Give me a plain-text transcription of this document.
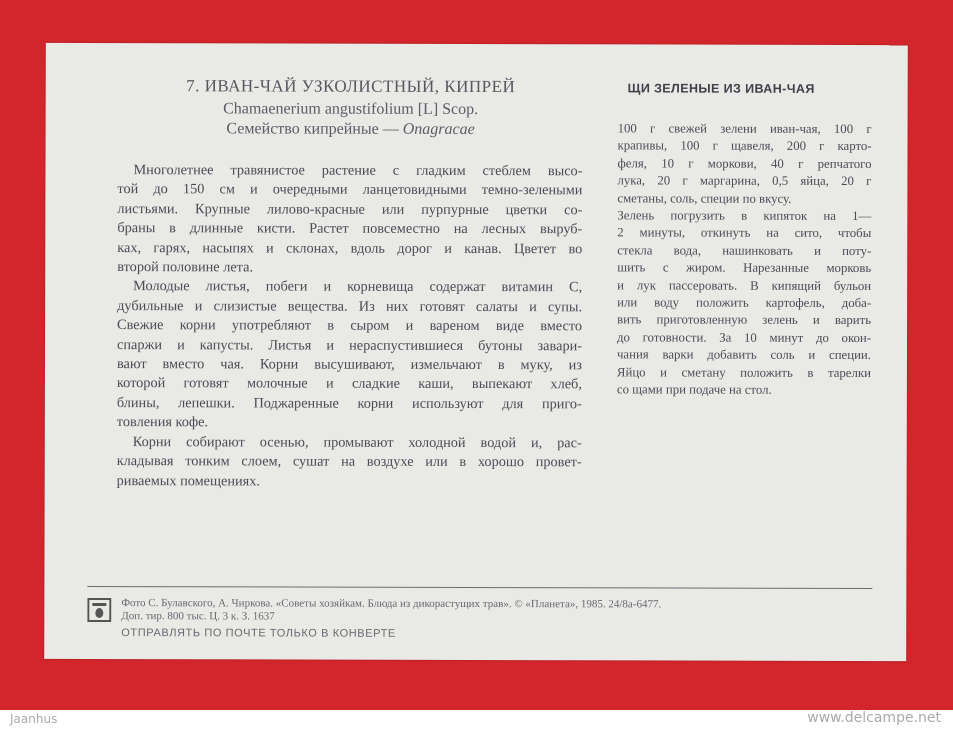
7. ИВАН-ЧАЙ УЗКОЛИСТНЫЙ, КИПРЕЙ
Chamaenerium angustifolium [L] Scop.
Семейство кипрейные — Onagracae
Многолетнее травянистое растение с гладким стеблем высо-
той до 150 см и очередными ланцетовидными темно-зелеными
листьями. Крупные лилово-красные или пурпурные цветки со-
браны в длинные кисти. Растет повсеместно на лесных выруб-
ках, гарях, насыпях и склонах, вдоль дорог и канав. Цветет во
второй половине лета.
Молодые листья, побеги и корневища содержат витамин С,
дубильные и слизистые вещества. Из них готовят салаты и супы.
Свежие корни употребляют в сыром и вареном виде вместо
спаржи и капусты. Листья и нераспустившиеся бутоны завари-
вают вместо чая. Корни высушивают, измельчают в муку, из
которой готовят молочные и сладкие каши, выпекают хлеб,
блины, лепешки. Поджаренные корни используют для приго-
товления кофе.
Корни собирают осенью, промывают холодной водой и, рас-
кладывая тонким слоем, сушат на воздухе или в хорошо провет-
риваемых помещениях.
ЩИ ЗЕЛЕНЫЕ ИЗ ИВАН-ЧАЯ
100 г свежей зелени иван-чая, 100 г
крапивы, 100 г щавеля, 200 г карто-
феля, 10 г моркови, 40 г репчатого
лука, 20 г маргарина, 0,5 яйца, 20 г
сметаны, соль, специи по вкусу.
Зелень погрузить в кипяток на 1—
2 минуты, откинуть на сито, чтобы
стекла вода, нашинковать и поту-
шить с жиром. Нарезанные морковь
и лук пассеровать. В кипящий бульон
или воду положить картофель, доба-
вить приготовленную зелень и варить
до готовности. За 10 минут до окон-
чания варки добавить соль и специи.
Яйцо и сметану положить в тарелки
со щами при подаче на стол.
Фото С. Булавского, А. Чиркова. «Советы хозяйкам. Блюда из дикорастущих трав». © «Планета», 1985. 24/8а-6477.
Доп. тир. 800 тыс. Ц. 3 к. З. 1637
ОТПРАВЛЯТЬ ПО ПОЧТЕ ТОЛЬКО В КОНВЕРТЕ
Jaanhus	www.delcampe.net
